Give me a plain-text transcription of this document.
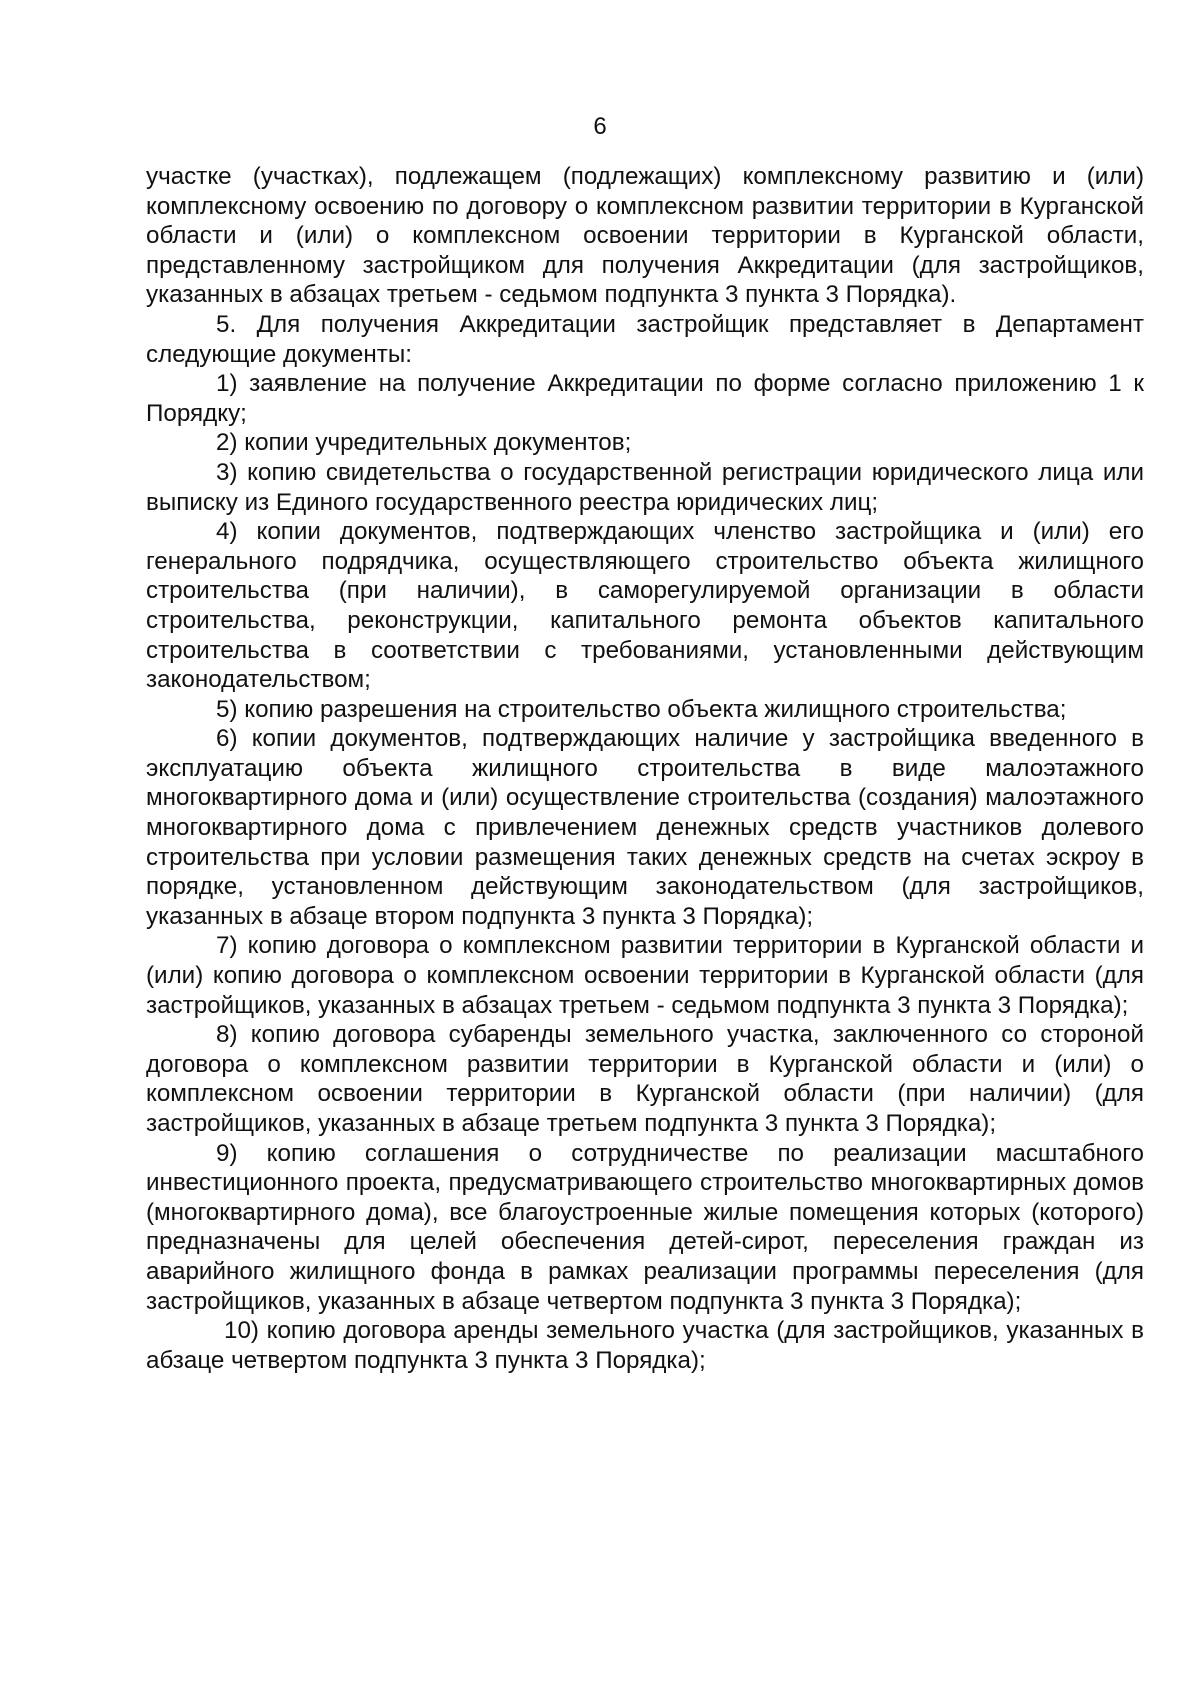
6

участке (участках), подлежащем (подлежащих) комплексному развитию и (или) комплексному освоению по договору о комплексном развитии территории в Курганской области и (или) о комплексном освоении территории в Курганской области, представленному застройщиком для получения Аккредитации (для застройщиков, указанных в абзацах третьем - седьмом подпункта 3 пункта 3 Порядка).

5. Для получения Аккредитации застройщик представляет в Департамент следующие документы:

1) заявление на получение Аккредитации по форме согласно приложению 1 к Порядку;

2) копии учредительных документов;

3) копию свидетельства о государственной регистрации юридического лица или выписку из Единого государственного реестра юридических лиц;

4) копии документов, подтверждающих членство застройщика и (или) его генерального подрядчика, осуществляющего строительство объекта жилищного строительства (при наличии), в саморегулируемой организации в области строительства, реконструкции, капитального ремонта объектов капитального строительства в соответствии с требованиями, установленными действующим законодательством;

5) копию разрешения на строительство объекта жилищного строительства;

6) копии документов, подтверждающих наличие у застройщика введенного в эксплуатацию объекта жилищного строительства в виде малоэтажного многоквартирного дома и (или) осуществление строительства (создания) малоэтажного многоквартирного дома с привлечением денежных средств участников долевого строительства при условии размещения таких денежных средств на счетах эскроу в порядке, установленном действующим законодательством (для застройщиков, указанных в абзаце втором подпункта 3 пункта 3 Порядка);

7) копию договора о комплексном развитии территории в Курганской области и (или) копию договора о комплексном освоении территории в Курганской области (для застройщиков, указанных в абзацах третьем - седьмом подпункта 3 пункта 3 Порядка);

8) копию договора субаренды земельного участка, заключенного со стороной договора о комплексном развитии территории в Курганской области и (или) о комплексном освоении территории в Курганской области (при наличии) (для застройщиков, указанных в абзаце третьем подпункта 3 пункта 3 Порядка);

9) копию соглашения о сотрудничестве по реализации масштабного инвестиционного проекта, предусматривающего строительство многоквартирных домов (многоквартирного дома), все благоустроенные жилые помещения которых (которого) предназначены для целей обеспечения детей-сирот, переселения граждан из аварийного жилищного фонда в рамках реализации программы переселения (для застройщиков, указанных в абзаце четвертом подпункта 3 пункта 3 Порядка);

10) копию договора аренды земельного участка (для застройщиков, указанных в абзаце четвертом подпункта 3 пункта 3 Порядка);
